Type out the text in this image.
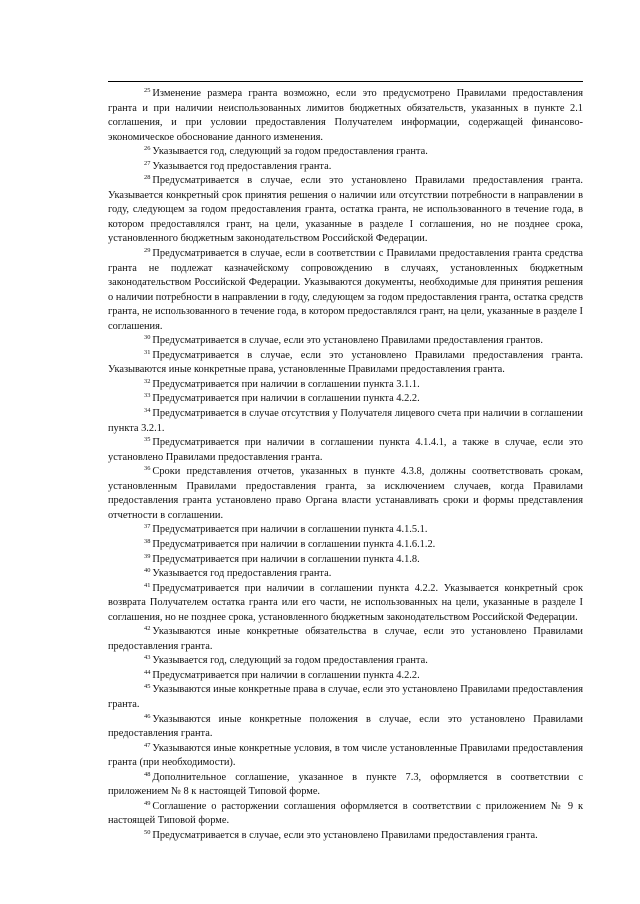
$^{25}$ Изменение размера гранта возможно, если это предусмотрено Правилами предоставления гранта и при наличии неиспользованных лимитов бюджетных обязательств, указанных в пункте 2.1 соглашения, и при условии предоставления Получателем информации, содержащей финансово-экономическое обоснование данного изменения.

$^{26}$ Указывается год, следующий за годом предоставления гранта.

$^{27}$ Указывается год предоставления гранта.

$^{28}$ Предусматривается в случае, если это установлено Правилами предоставления гранта. Указывается конкретный срок принятия решения о наличии или отсутствии потребности в направлении в году, следующем за годом предоставления гранта, остатка гранта, не использованного в течение года, в котором предоставлялся грант, на цели, указанные в разделе I соглашения, но не позднее срока, установленного бюджетным законодательством Российской Федерации.

$^{29}$ Предусматривается в случае, если в соответствии с Правилами предоставления гранта средства гранта не подлежат казначейскому сопровождению в случаях, установленных бюджетным законодательством Российской Федерации. Указываются документы, необходимые для принятия решения о наличии потребности в направлении в году, следующем за годом предоставления гранта, остатка средств гранта, не использованного в течение года, в котором предоставлялся грант, на цели, указанные в разделе I соглашения.

$^{30}$ Предусматривается в случае, если это установлено Правилами предоставления грантов.

$^{31}$ Предусматривается в случае, если это установлено Правилами предоставления гранта. Указываются иные конкретные права, установленные Правилами предоставления гранта.

$^{32}$ Предусматривается при наличии в соглашении пункта 3.1.1.

$^{33}$ Предусматривается при наличии в соглашении пункта 4.2.2.

$^{34}$ Предусматривается в случае отсутствия у Получателя лицевого счета при наличии в соглашении пункта 3.2.1.

$^{35}$ Предусматривается при наличии в соглашении пункта 4.1.4.1, а также в случае, если это установлено Правилами предоставления гранта.

$^{36}$ Сроки представления отчетов, указанных в пункте 4.3.8, должны соответствовать срокам, установленным Правилами предоставления гранта, за исключением случаев, когда Правилами предоставления гранта установлено право Органа власти устанавливать сроки и формы представления отчетности в соглашении.

$^{37}$ Предусматривается при наличии в соглашении пункта 4.1.5.1.

$^{38}$ Предусматривается при наличии в соглашении пункта 4.1.6.1.2.

$^{39}$ Предусматривается при наличии в соглашении пункта 4.1.8.

$^{40}$ Указывается год предоставления гранта.

$^{41}$ Предусматривается при наличии в соглашении пункта 4.2.2. Указывается конкретный срок возврата Получателем остатка гранта или его части, не использованных на цели, указанные в разделе I соглашения, но не позднее срока, установленного бюджетным законодательством Российской Федерации.

$^{42}$ Указываются иные конкретные обязательства в случае, если это установлено Правилами предоставления гранта.

$^{43}$ Указывается год, следующий за годом предоставления гранта.

$^{44}$ Предусматривается при наличии в соглашении пункта 4.2.2.

$^{45}$ Указываются иные конкретные права в случае, если это установлено Правилами предоставления гранта.

$^{46}$ Указываются иные конкретные положения в случае, если это установлено Правилами предоставления гранта.

$^{47}$ Указываются иные конкретные условия, в том числе установленные Правилами предоставления гранта (при необходимости).

$^{48}$ Дополнительное соглашение, указанное в пункте 7.3, оформляется в соответствии с приложением № 8 к настоящей Типовой форме.

$^{49}$ Соглашение о расторжении соглашения оформляется в соответствии с приложением № 9 к настоящей Типовой форме.

$^{50}$ Предусматривается в случае, если это установлено Правилами предоставления гранта.
